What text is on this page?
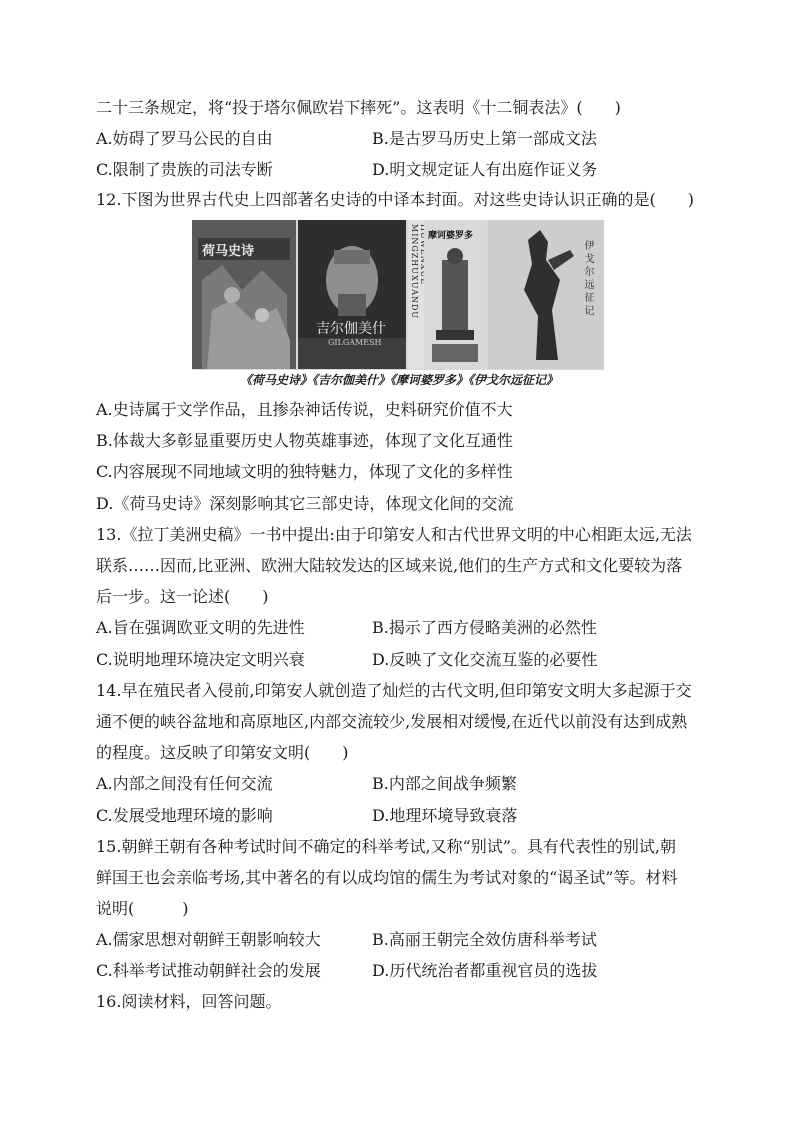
二十三条规定，将“投于塔尔佩欧岩下摔死”。这表明《十二铜表法》(　　)
A.妨碍了罗马公民的自由	B.是古罗马历史上第一部成文法
C.限制了贵族的司法专断	D.明文规定证人有出庭作证义务
12.下图为世界古代史上四部著名史诗的中译本封面。对这些史诗认识正确的是(　　)
荷马史诗
吉尔伽美什
GILGAMESH
MINGZHUXUANDU	摩诃婆罗多
伊戈尔远征记
《荷马史诗》《吉尔伽美什》《摩诃婆罗多》《伊戈尔远征记》
A.史诗属于文学作品，且掺杂神话传说，史料研究价值不大
B.体裁大多彰显重要历史人物英雄事迹，体现了文化互通性
C.内容展现不同地域文明的独特魅力，体现了文化的多样性
D.《荷马史诗》深刻影响其它三部史诗，体现文化间的交流
13.《拉丁美洲史稿》一书中提出:由于印第安人和古代世界文明的中心相距太远,无法
联系……因而,比亚洲、欧洲大陆较发达的区域来说,他们的生产方式和文化要较为落
后一步。这一论述(　　)
A.旨在强调欧亚文明的先进性	B.揭示了西方侵略美洲的必然性
C.说明地理环境决定文明兴衰	D.反映了文化交流互鉴的必要性
14.早在殖民者入侵前,印第安人就创造了灿烂的古代文明,但印第安文明大多起源于交
通不便的峡谷盆地和高原地区,内部交流较少,发展相对缓慢,在近代以前没有达到成熟
的程度。这反映了印第安文明(　　)
A.内部之间没有任何交流	B.内部之间战争频繁
C.发展受地理环境的影响	D.地理环境导致衰落
15.朝鲜王朝有各种考试时间不确定的科举考试,又称“别试”。具有代表性的别试,朝
鲜国王也会亲临考场,其中著名的有以成均馆的儒生为考试对象的“谒圣试”等。材料
说明(　　　)
A.儒家思想对朝鲜王朝影响较大	B.高丽王朝完全效仿唐科举考试
C.科举考试推动朝鲜社会的发展	D.历代统治者都重视官员的选拔
16.阅读材料，回答问题。
